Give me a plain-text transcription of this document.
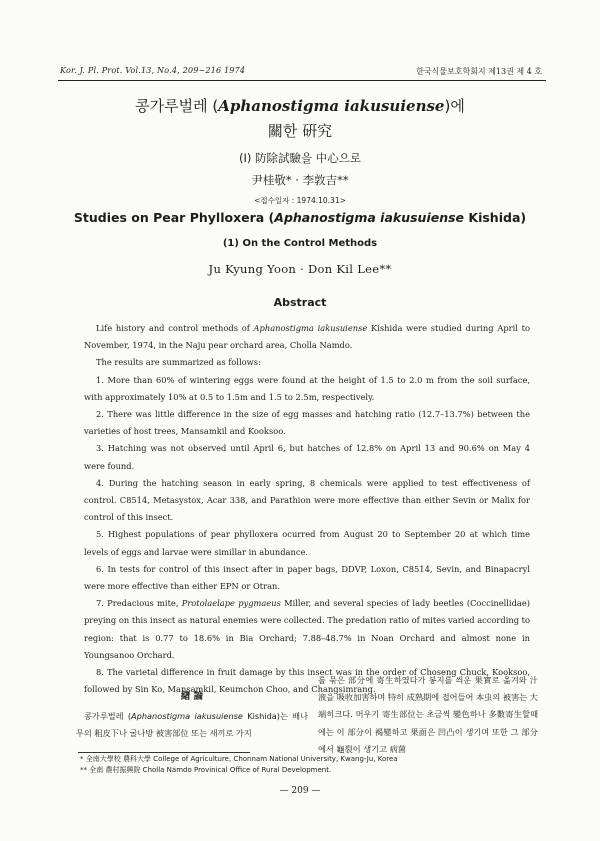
Kor. J. Pl. Prot. Vol.13, No.4, 209~216 1974	한국식물보호학회지 제13권 제 4 호
콩가루벌레 (Aphanostigma iakusuiense)에
關한 硏究
(Ⅰ) 防除試驗을 中心으로
尹桂敬* · 李敦吉**
<접수일자 : 1974.10.31>
Studies on Pear Phylloxera (Aphanostigma iakusuiense Kishida)
(1) On the Control Methods
Ju Kyung Yoon · Don Kil Lee**
Abstract

Life history and control methods of Aphanostigma iakusuiense Kishida were studied during April to November, 1974, in the Naju pear orchard area, Cholla Namdo.

The results are summarized as follows:

1. More than 60% of wintering eggs were found at the height of 1.5 to 2.0 m from the soil surface, with approximately 10% at 0.5 to 1.5m and 1.5 to 2.5m, respectively.

2. There was little difference in the size of egg masses and hatching ratio (12.7–13.7%) between the varieties of host trees, Mansamkil and Kooksoo.

3. Hatching was not observed until April 6, but hatches of 12.8% on April 13 and 90.6% on May 4 were found.

4. During the hatching season in early spring, 8 chemicals were applied to test effectiveness of control. C8514, Metasystox, Acar 338, and Parathion were more effective than either Sevin or Malix for control of this insect.

5. Highest populations of pear phylloxera ocurred from August 20 to September 20 at which time levels of eggs and larvae were simillar in abundance.

6. In tests for control of this insect after in paper bags, DDVP, Loxon, C8514, Sevin, and Binapacryl were more effective than either EPN or Otran.

7. Predacious mite, Protolaelape pygmaeus Miller, and several species of lady beetles (Coccinellidae) preying on this insect as natural enemies were collected. The predation ratio of mites varied according to region: that is 0.77 to 18.6% in Bia Orchard; 7.88–48.7% in Noan Orchard and almost none in Youngsanoo Orchard.

8. The varietal difference in fruit damage by this insect was in the order of Choseng Chuck, Kooksoo, followed by Sin Ko, Mansamkil, Keumchon Choo, and Changsimrang.

緖 論

콩가루벌레 (Aphanostigma iakusuiense Kishida)는 배나무의 粗皮下나 굴나방 被害部位 또는 새끼로 가지

를 묶은 部分에 寄生하였다가 봉지를 씌운 果實로 옮겨와 汁液을 吸收加害하며 特히 成熟期에 접어들어 本虫의 被害는 大端히크다. 머우기 寄生部位는 초금씩 變色하나 多數寄生할때에는 이 部分이 褐變하고 果面은 凹凸이 생기며 또한 그 部分에서 龜裂이 생기고 病菌

* 全南大學校 農科大學 College of Agriculture, Chonnam National University, Kwang-Ju, Korea
** 全南 農村振興院 Cholla Namdo Provinical Office of Rural Development.
— 209 —
